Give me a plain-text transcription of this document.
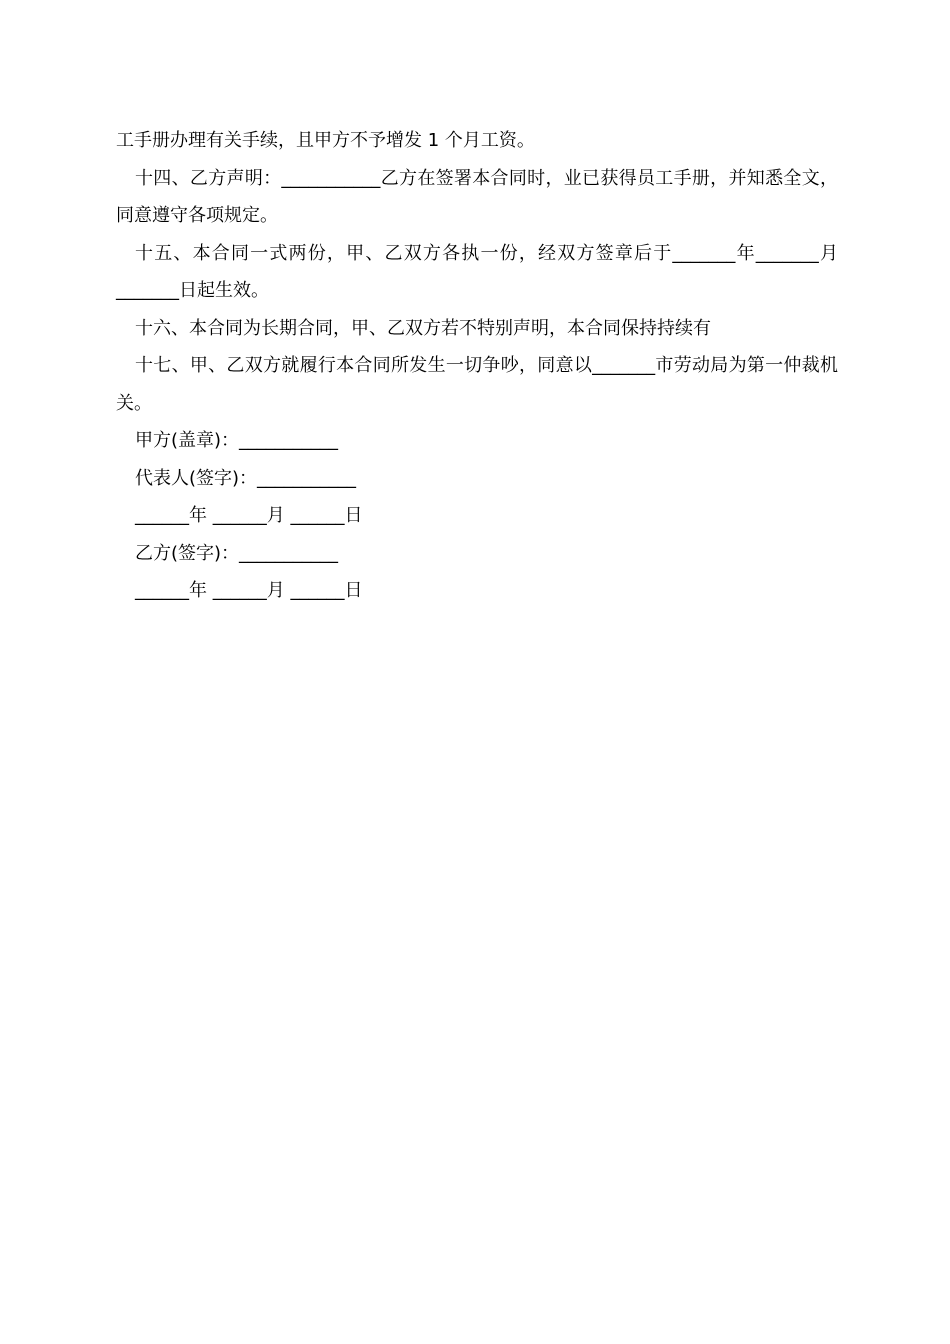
工手册办理有关手续，且甲方不予增发 1 个月工资。

十四、乙方声明：___________乙方在签署本合同时，业已获得员工手册，并知悉全文，同意遵守各项规定。

十五、本合同一式两份，甲、乙双方各执一份，经双方签章后于_______年_______月_______日起生效。

十六、本合同为长期合同，甲、乙双方若不特别声明，本合同保持持续有

十七、甲、乙双方就履行本合同所发生一切争吵，同意以_______市劳动局为第一仲裁机关。

甲方(盖章)：___________

代表人(签字)：___________

______年 ______月 ______日

乙方(签字)：___________

______年 ______月 ______日
